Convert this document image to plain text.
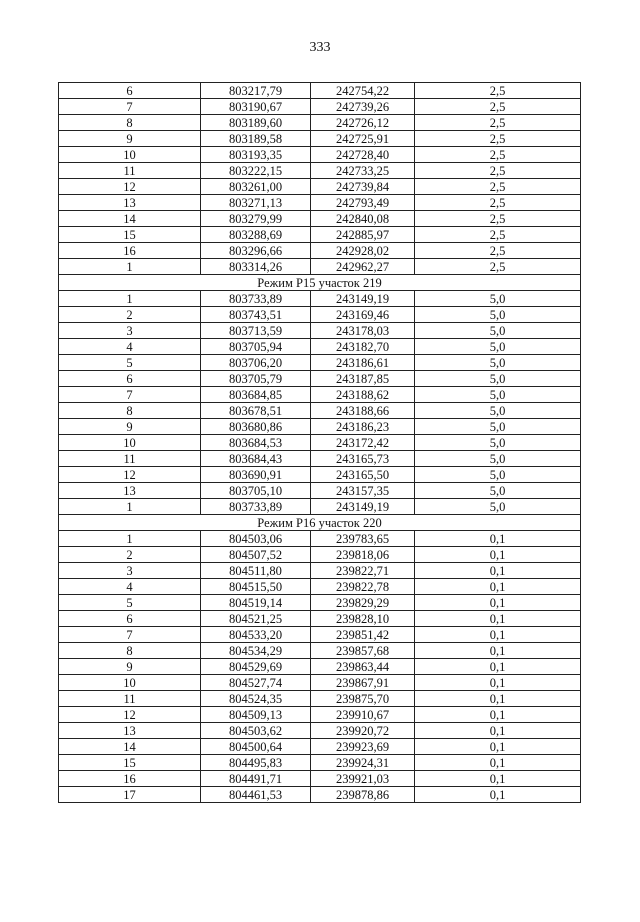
333
6	803217,79	242754,22	2,5
7	803190,67	242739,26	2,5
8	803189,60	242726,12	2,5
9	803189,58	242725,91	2,5
10	803193,35	242728,40	2,5
11	803222,15	242733,25	2,5
12	803261,00	242739,84	2,5
13	803271,13	242793,49	2,5
14	803279,99	242840,08	2,5
15	803288,69	242885,97	2,5
16	803296,66	242928,02	2,5
1	803314,26	242962,27	2,5
Режим Р15 участок 219			
1	803733,89	243149,19	5,0
2	803743,51	243169,46	5,0
3	803713,59	243178,03	5,0
4	803705,94	243182,70	5,0
5	803706,20	243186,61	5,0
6	803705,79	243187,85	5,0
7	803684,85	243188,62	5,0
8	803678,51	243188,66	5,0
9	803680,86	243186,23	5,0
10	803684,53	243172,42	5,0
11	803684,43	243165,73	5,0
12	803690,91	243165,50	5,0
13	803705,10	243157,35	5,0
1	803733,89	243149,19	5,0
Режим Р16 участок 220			
1	804503,06	239783,65	0,1
2	804507,52	239818,06	0,1
3	804511,80	239822,71	0,1
4	804515,50	239822,78	0,1
5	804519,14	239829,29	0,1
6	804521,25	239828,10	0,1
7	804533,20	239851,42	0,1
8	804534,29	239857,68	0,1
9	804529,69	239863,44	0,1
10	804527,74	239867,91	0,1
11	804524,35	239875,70	0,1
12	804509,13	239910,67	0,1
13	804503,62	239920,72	0,1
14	804500,64	239923,69	0,1
15	804495,83	239924,31	0,1
16	804491,71	239921,03	0,1
17	804461,53	239878,86	0,1
